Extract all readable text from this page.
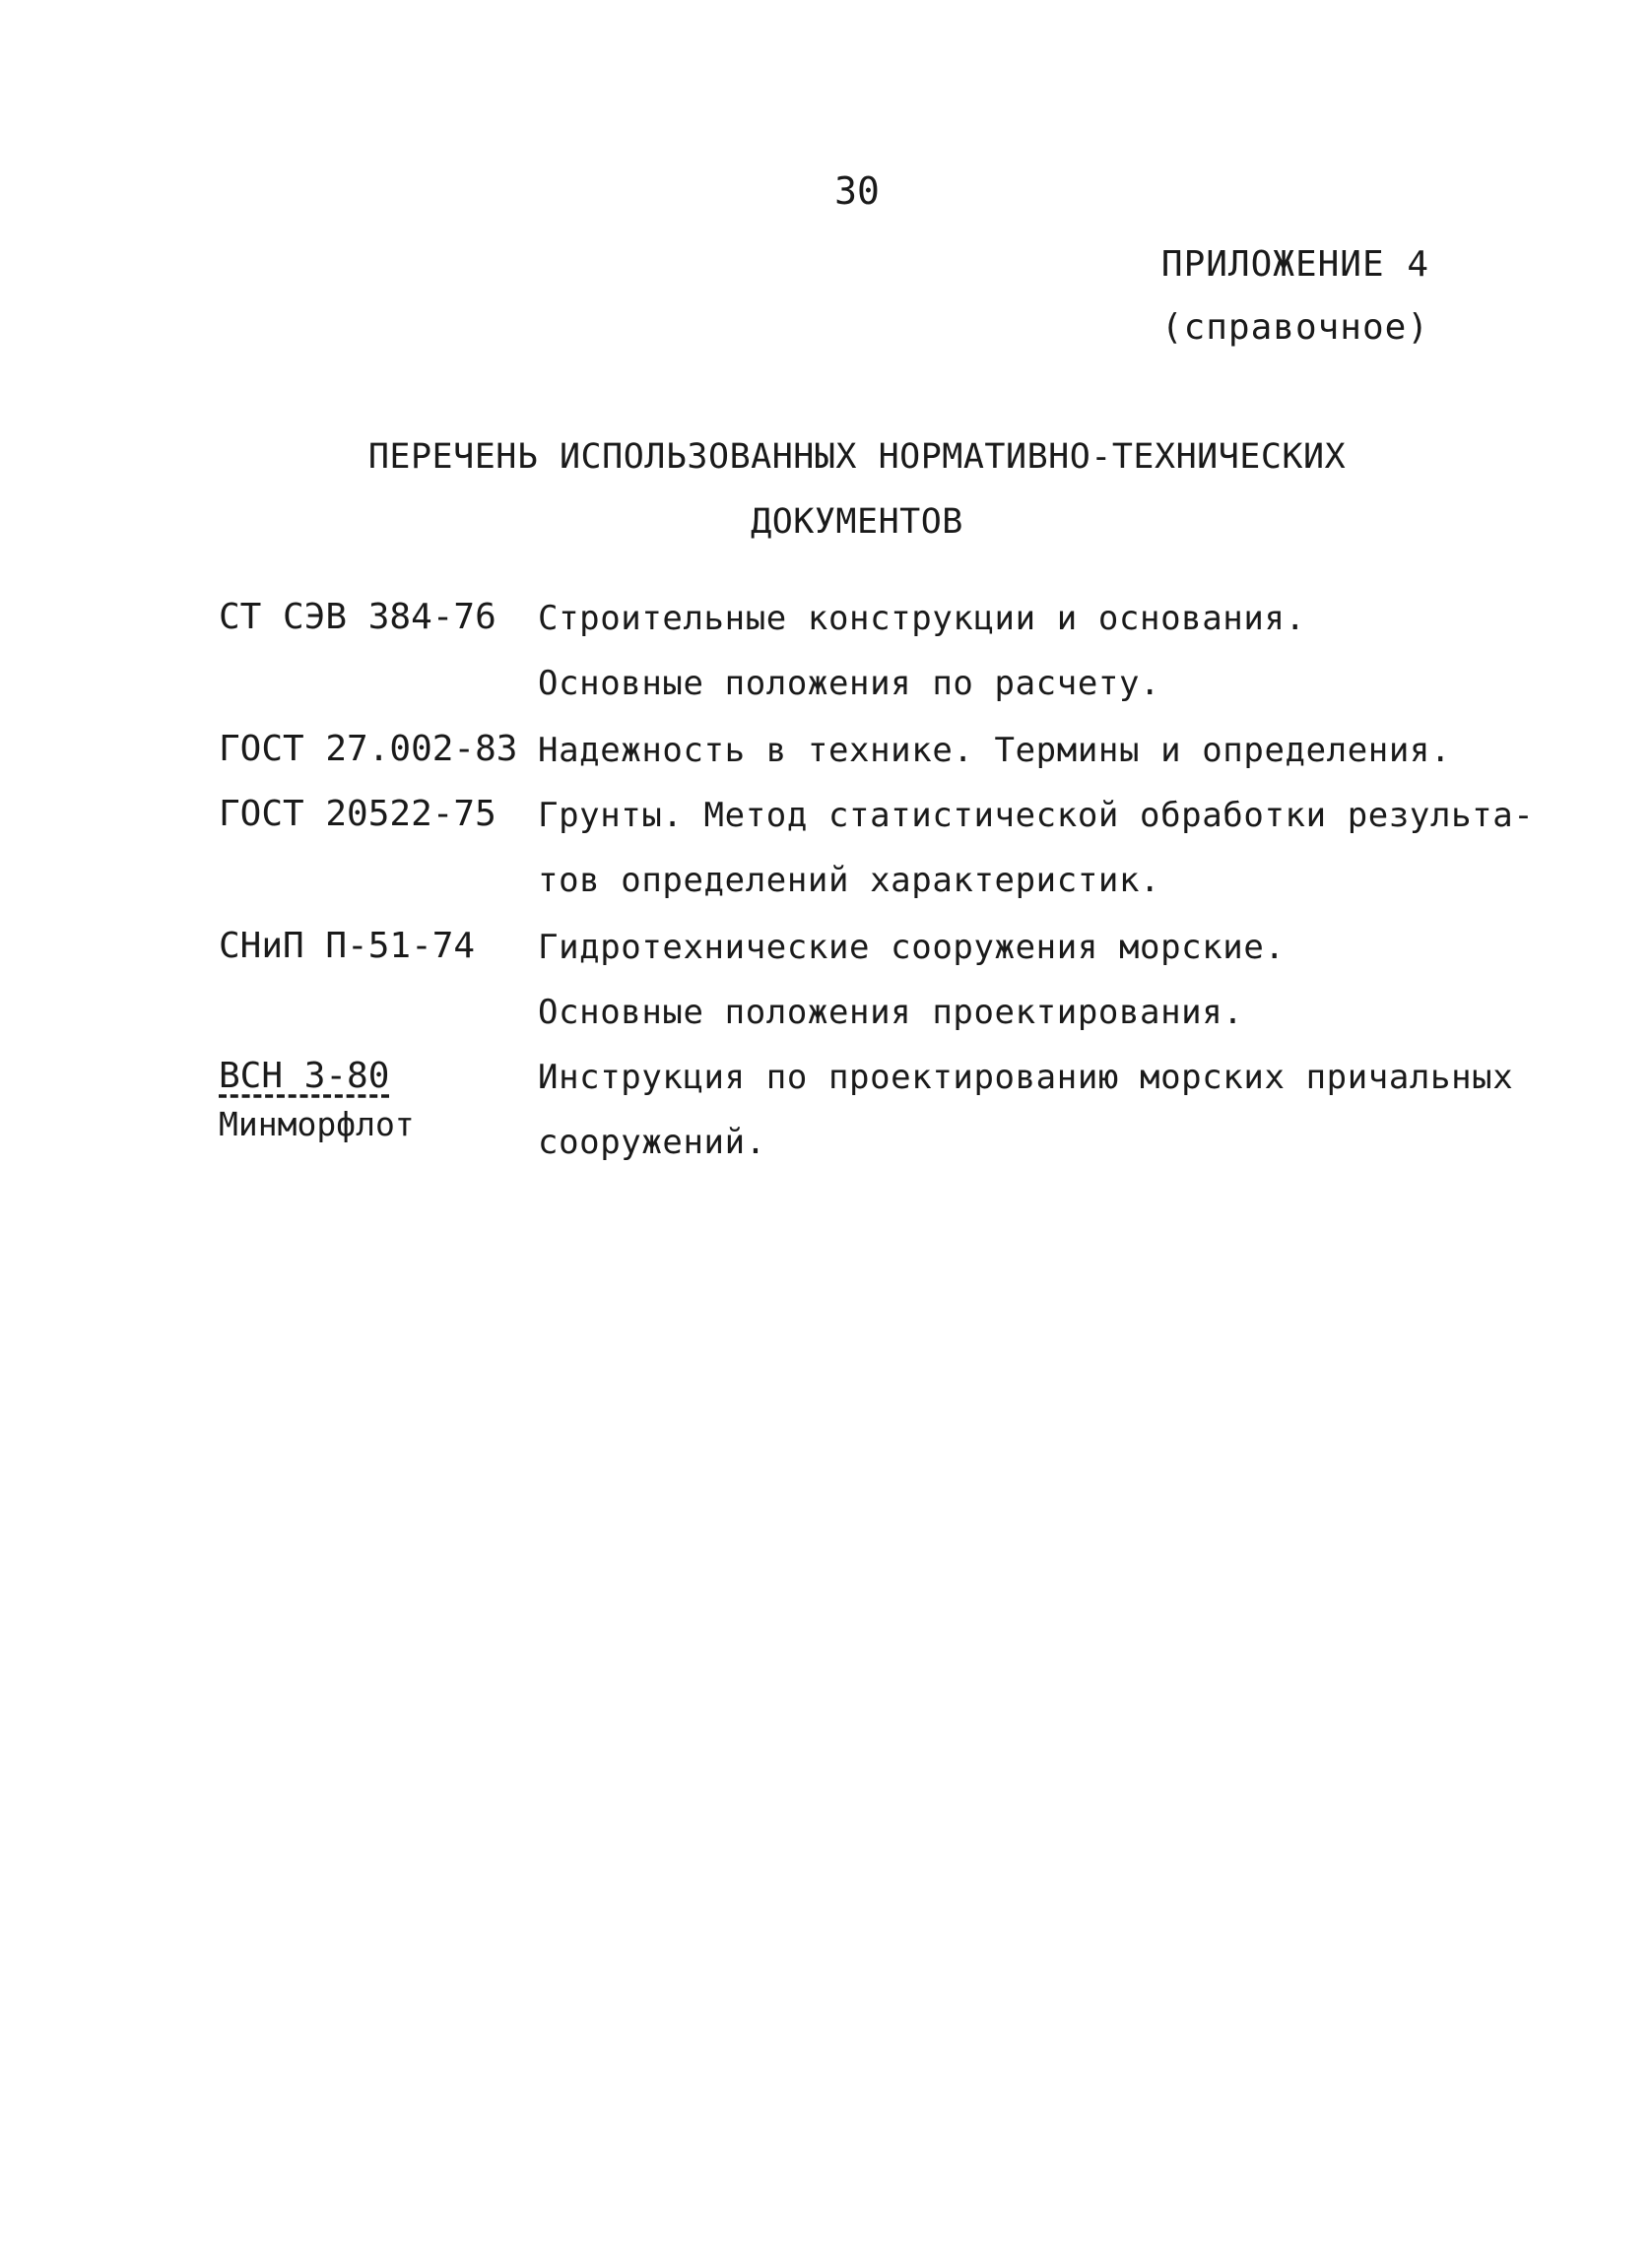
30
ПРИЛОЖЕНИЕ 4
(справочное)
ПЕРЕЧЕНЬ ИСПОЛЬЗОВАННЫХ НОРМАТИВНО-ТЕХНИЧЕСКИХ
ДОКУМЕНТОВ
СТ СЭВ 384-76 Строительные конструкции и основания.
Основные положения по расчету.
ГОСТ 27.002-83 Надежность в технике. Термины и определения.
ГОСТ 20522-75 Грунты. Метод статистической обработки результа-
тов определений характеристик.
СНиП П-51-74 Гидротехнические сооружения морские.
Основные положения проектирования.
ВСН 3-80
Минморфлот
Инструкция по проектированию морских причальных
сооружений.
